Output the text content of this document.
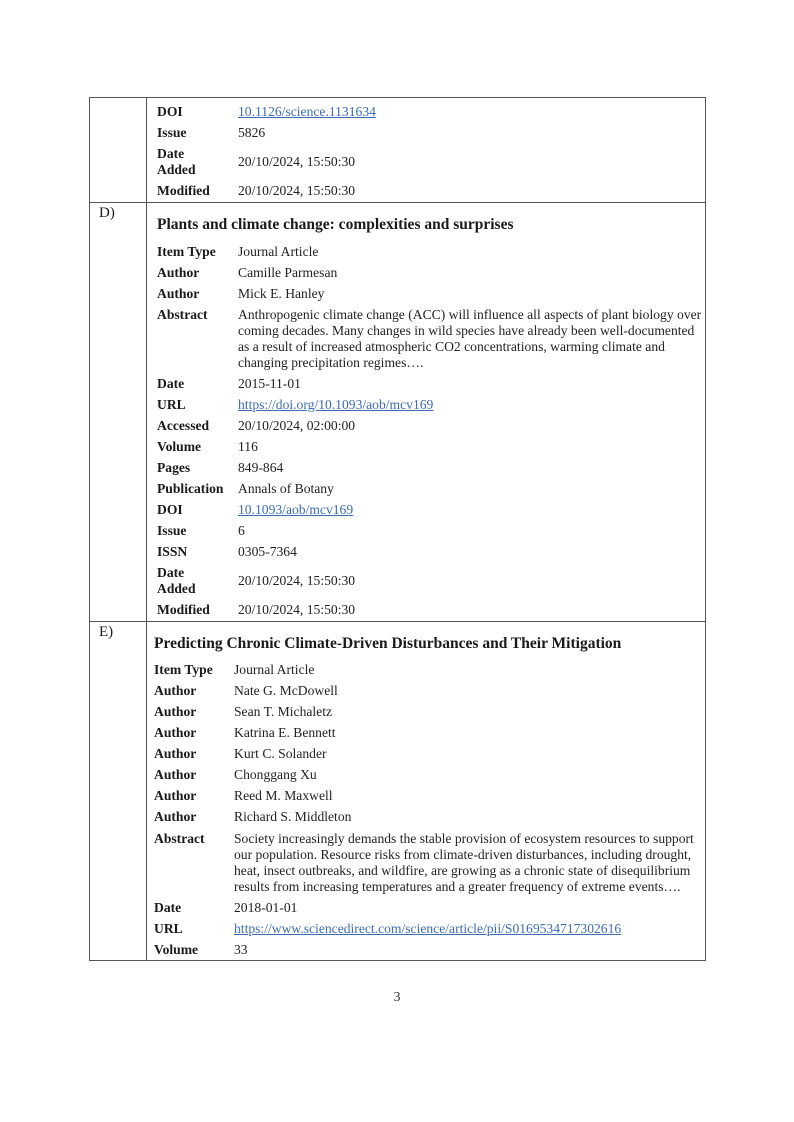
DOI	10.1126/science.1131634
Issue	5826
Date Added	20/10/2024, 15:50:30
Modified	20/10/2024, 15:50:30

D)

Plants and climate change: complexities and surprises
Item Type	Journal Article
Author	Camille Parmesan
Author	Mick E. Hanley
Abstract	Anthropogenic climate change (ACC) will influence all aspects of plant biology over coming decades. Many changes in wild species have already been well-documented as a result of increased atmospheric CO2 concentrations, warming climate and changing precipitation regimes….
Date	2015-11-01
URL	https://doi.org/10.1093/aob/mcv169
Accessed	20/10/2024, 02:00:00
Volume	116
Pages	849-864
Publication	Annals of Botany
DOI	10.1093/aob/mcv169
Issue	6
ISSN	0305-7364
Date Added	20/10/2024, 15:50:30
Modified	20/10/2024, 15:50:30

E)

Predicting Chronic Climate-Driven Disturbances and Their Mitigation
Item Type	Journal Article
Author	Nate G. McDowell
Author	Sean T. Michaletz
Author	Katrina E. Bennett
Author	Kurt C. Solander
Author	Chonggang Xu
Author	Reed M. Maxwell
Author	Richard S. Middleton
Abstract	Society increasingly demands the stable provision of ecosystem resources to support our population. Resource risks from climate-driven disturbances, including drought, heat, insect outbreaks, and wildfire, are growing as a chronic state of disequilibrium results from increasing temperatures and a greater frequency of extreme events….
Date	2018-01-01
URL	https://www.sciencedirect.com/science/article/pii/S0169534717302616
Volume	33
3
